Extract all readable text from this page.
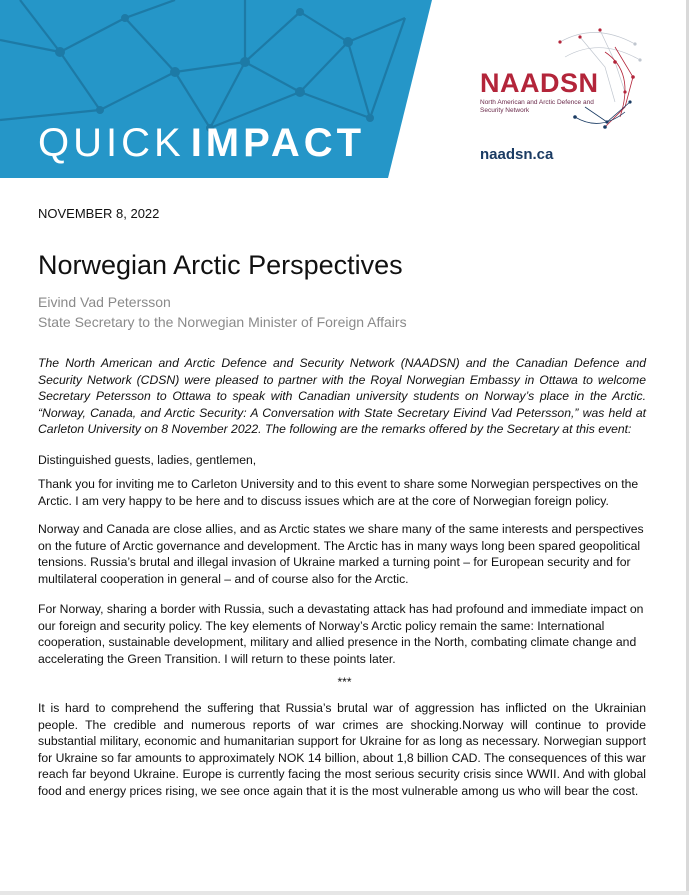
QUICK IMPACT
NAADSN
North American and Arctic Defence and Security Network
naadsn.ca
NOVEMBER 8, 2022
Norwegian Arctic Perspectives
Eivind Vad Petersson
State Secretary to the Norwegian Minister of Foreign Affairs

The North American and Arctic Defence and Security Network (NAADSN) and the Canadian Defence and Security Network (CDSN) were pleased to partner with the Royal Norwegian Embassy in Ottawa to welcome Secretary Petersson to Ottawa to speak with Canadian university students on Norway’s place in the Arctic. “Norway, Canada, and Arctic Security: A Conversation with State Secretary Eivind Vad Petersson,” was held at Carleton University on 8 November 2022. The following are the remarks offered by the Secretary at this event:

Distinguished guests, ladies, gentlemen,

Thank you for inviting me to Carleton University and to this event to share some Norwegian perspectives on the Arctic. I am very happy to be here and to discuss issues which are at the core of Norwegian foreign policy.

Norway and Canada are close allies, and as Arctic states we share many of the same interests and perspectives on the future of Arctic governance and development. The Arctic has in many ways long been spared geopolitical tensions. Russia’s brutal and illegal invasion of Ukraine marked a turning point – for European security and for multilateral cooperation in general – and of course also for the Arctic.

For Norway, sharing a border with Russia, such a devastating attack has had profound and immediate impact on our foreign and security policy. The key elements of Norway’s Arctic policy remain the same: International cooperation, sustainable development, military and allied presence in the North, combating climate change and accelerating the Green Transition. I will return to these points later.

***

It is hard to comprehend the suffering that Russia’s brutal war of aggression has inflicted on the Ukrainian people. The credible and numerous reports of war crimes are shocking.Norway will continue to provide substantial military, economic and humanitarian support for Ukraine for as long as necessary. Norwegian support for Ukraine so far amounts to approximately NOK 14 billion, about 1,8 billion CAD. The consequences of this war reach far beyond Ukraine. Europe is currently facing the most serious security crisis since WWII. And with global food and energy prices rising, we see once again that it is the most vulnerable among us who will bear the cost.
